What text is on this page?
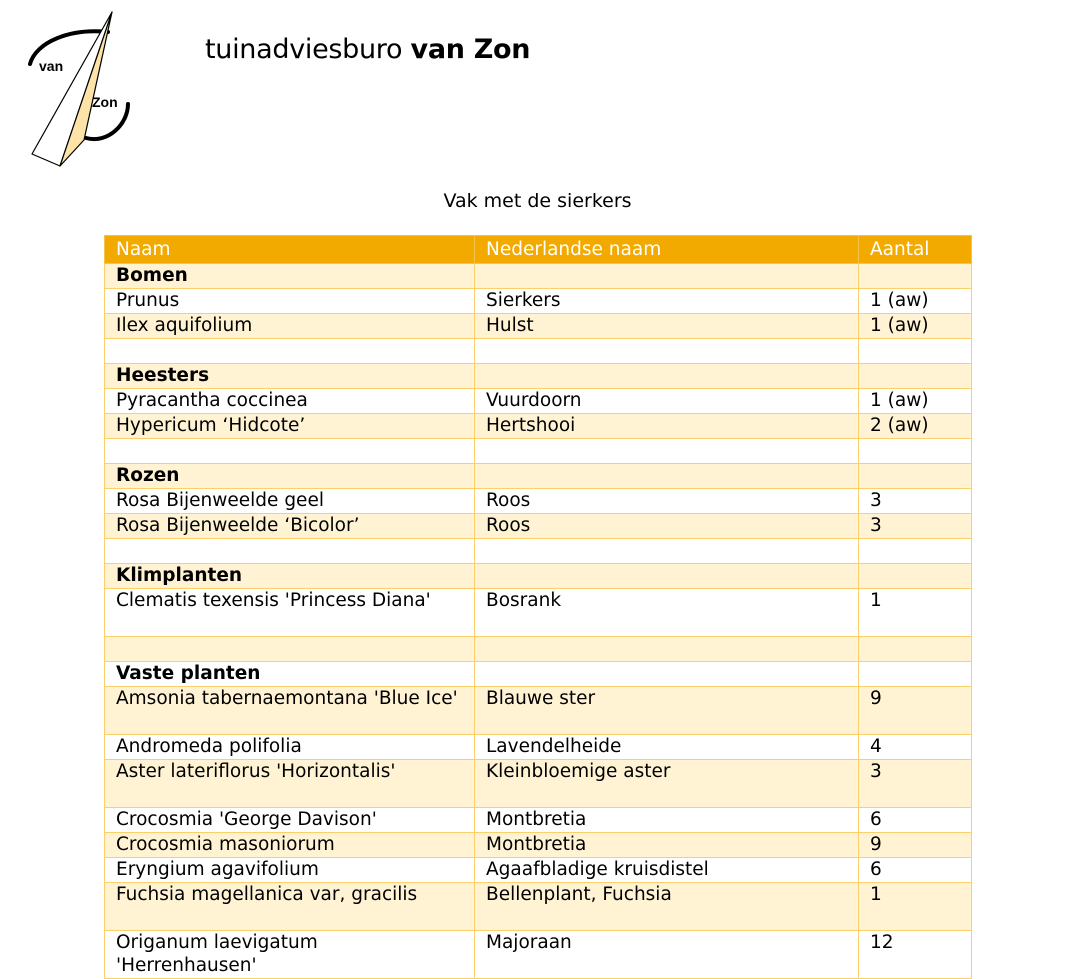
van
Zon
tuinadviesburo van Zon
Vak met de sierkers
Naam	Nederlandse naam	Aantal
Bomen		
Prunus	Sierkers	1 (aw)
Ilex aquifolium	Hulst	1 (aw)

Heesters		
Pyracantha coccinea	Vuurdoorn	1 (aw)
Hypericum ‘Hidcote’	Hertshooi	2 (aw)

Rozen		
Rosa Bijenweelde geel	Roos	3
Rosa Bijenweelde ‘Bicolor’	Roos	3

Klimplanten		
Clematis texensis 'Princess Diana'	Bosrank	1

Vaste planten		
Amsonia tabernaemontana 'Blue Ice'	Blauwe ster	9
Andromeda polifolia	Lavendelheide	4
Aster lateriflorus 'Horizontalis'	Kleinbloemige aster	3
Crocosmia 'George Davison'	Montbretia	6
Crocosmia masoniorum	Montbretia	9
Eryngium agavifolium	Agaafbladige kruisdistel	6
Fuchsia magellanica var, gracilis	Bellenplant, Fuchsia	1
Origanum laevigatum 'Herrenhausen'	Majoraan	12
